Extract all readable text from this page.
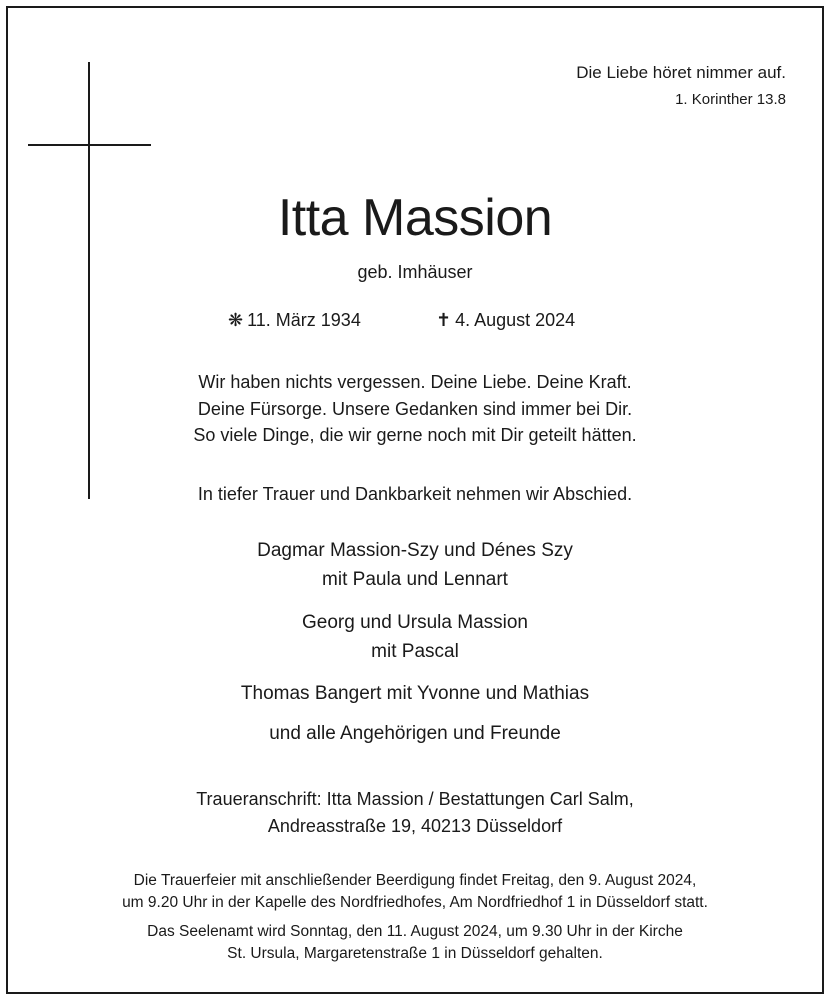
Die Liebe höret nimmer auf.
1. Korinther 13.8
Itta Massion
geb. Imhäuser
❋ 11. März 1934	✝ 4. August 2024
Wir haben nichts vergessen. Deine Liebe. Deine Kraft.
Deine Fürsorge. Unsere Gedanken sind immer bei Dir.
So viele Dinge, die wir gerne noch mit Dir geteilt hätten.
In tiefer Trauer und Dankbarkeit nehmen wir Abschied.
Dagmar Massion-Szy und Dénes Szy
mit Paula und Lennart
Georg und Ursula Massion
mit Pascal
Thomas Bangert mit Yvonne und Mathias
und alle Angehörigen und Freunde
Traueranschrift: Itta Massion / Bestattungen Carl Salm,
Andreasstraße 19, 40213 Düsseldorf
Die Trauerfeier mit anschließender Beerdigung findet Freitag, den 9. August 2024,
um 9.20 Uhr in der Kapelle des Nordfriedhofes, Am Nordfriedhof 1 in Düsseldorf statt.
Das Seelenamt wird Sonntag, den 11. August 2024, um 9.30 Uhr in der Kirche
St. Ursula, Margaretenstraße 1 in Düsseldorf gehalten.
